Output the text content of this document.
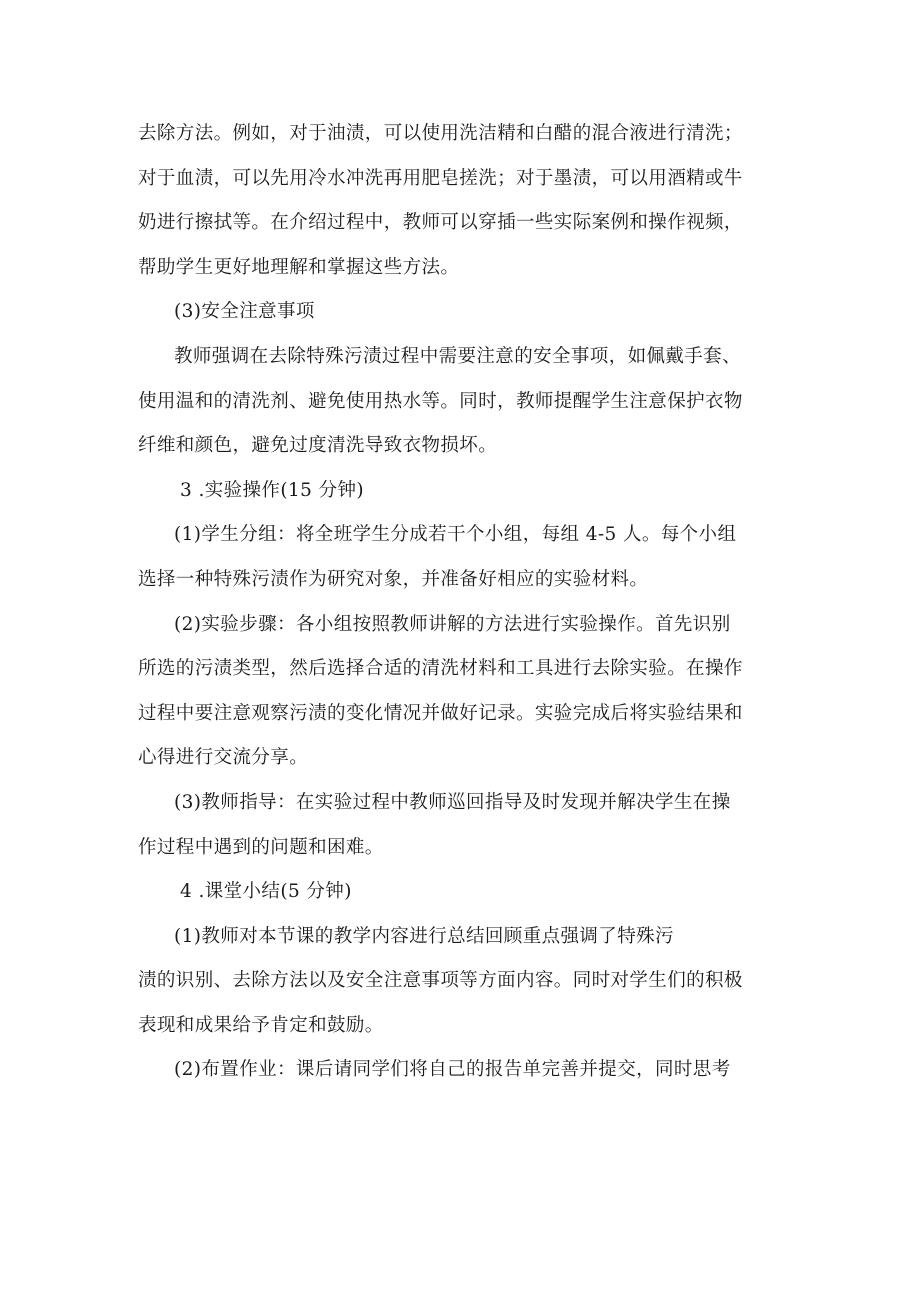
去除方法。例如，对于油渍，可以使用洗洁精和白醋的混合液进行清洗；
对于血渍，可以先用冷水冲洗再用肥皂搓洗；对于墨渍，可以用酒精或牛
奶进行擦拭等。在介绍过程中，教师可以穿插一些实际案例和操作视频，
帮助学生更好地理解和掌握这些方法。
(3)安全注意事项
教师强调在去除特殊污渍过程中需要注意的安全事项，如佩戴手套、
使用温和的清洗剂、避免使用热水等。同时，教师提醒学生注意保护衣物
纤维和颜色，避免过度清洗导致衣物损坏。
3 .实验操作(15 分钟)
(1)学生分组：将全班学生分成若干个小组，每组 4-5 人。每个小组
选择一种特殊污渍作为研究对象，并准备好相应的实验材料。
(2)实验步骤：各小组按照教师讲解的方法进行实验操作。首先识别
所选的污渍类型，然后选择合适的清洗材料和工具进行去除实验。在操作
过程中要注意观察污渍的变化情况并做好记录。实验完成后将实验结果和
心得进行交流分享。
(3)教师指导：在实验过程中教师巡回指导及时发现并解决学生在操
作过程中遇到的问题和困难。
4 .课堂小结(5 分钟)
(1)教师对本节课的教学内容进行总结回顾重点强调了特殊污
渍的识别、去除方法以及安全注意事项等方面内容。同时对学生们的积极
表现和成果给予肯定和鼓励。
(2)布置作业：课后请同学们将自己的报告单完善并提交，同时思考
